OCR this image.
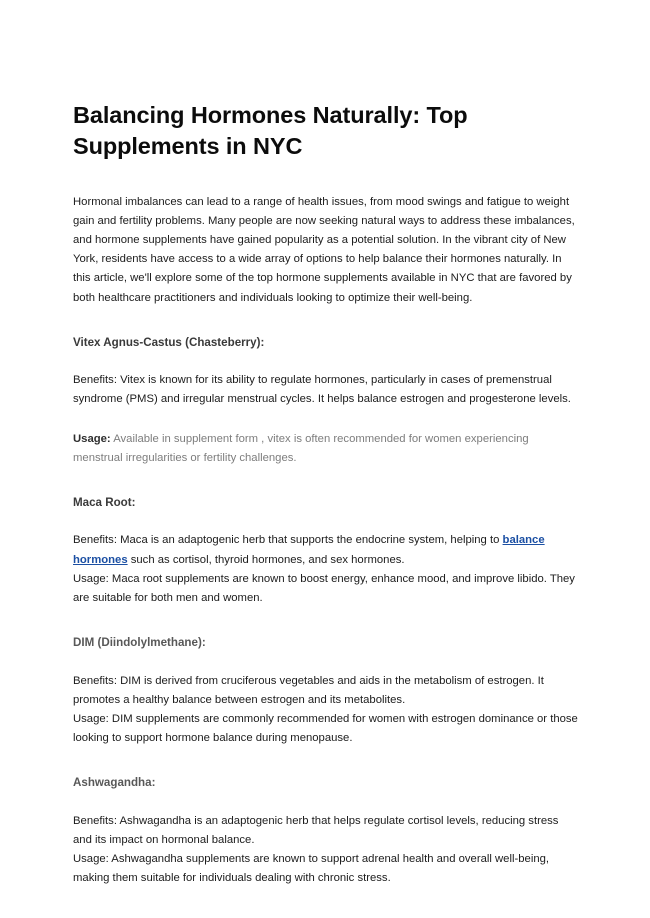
Balancing Hormones Naturally: Top Supplements in NYC

Hormonal imbalances can lead to a range of health issues, from mood swings and fatigue to weight gain and fertility problems. Many people are now seeking natural ways to address these imbalances, and hormone supplements have gained popularity as a potential solution. In the vibrant city of New York, residents have access to a wide array of options to help balance their hormones naturally. In this article, we'll explore some of the top hormone supplements available in NYC that are favored by both healthcare practitioners and individuals looking to optimize their well-being.

Vitex Agnus-Castus (Chasteberry):

Benefits: Vitex is known for its ability to regulate hormones, particularly in cases of premenstrual syndrome (PMS) and irregular menstrual cycles. It helps balance estrogen and progesterone levels.

Usage: Available in supplement form , vitex is often recommended for women experiencing menstrual irregularities or fertility challenges.

Maca Root:

Benefits: Maca is an adaptogenic herb that supports the endocrine system, helping to balance hormones such as cortisol, thyroid hormones, and sex hormones.
Usage: Maca root supplements are known to boost energy, enhance mood, and improve libido. They are suitable for both men and women.

DIM (Diindolylmethane):

Benefits: DIM is derived from cruciferous vegetables and aids in the metabolism of estrogen. It promotes a healthy balance between estrogen and its metabolites.
Usage: DIM supplements are commonly recommended for women with estrogen dominance or those looking to support hormone balance during menopause.

Ashwagandha:

Benefits: Ashwagandha is an adaptogenic herb that helps regulate cortisol levels, reducing stress and its impact on hormonal balance.
Usage: Ashwagandha supplements are known to support adrenal health and overall well-being, making them suitable for individuals dealing with chronic stress.
